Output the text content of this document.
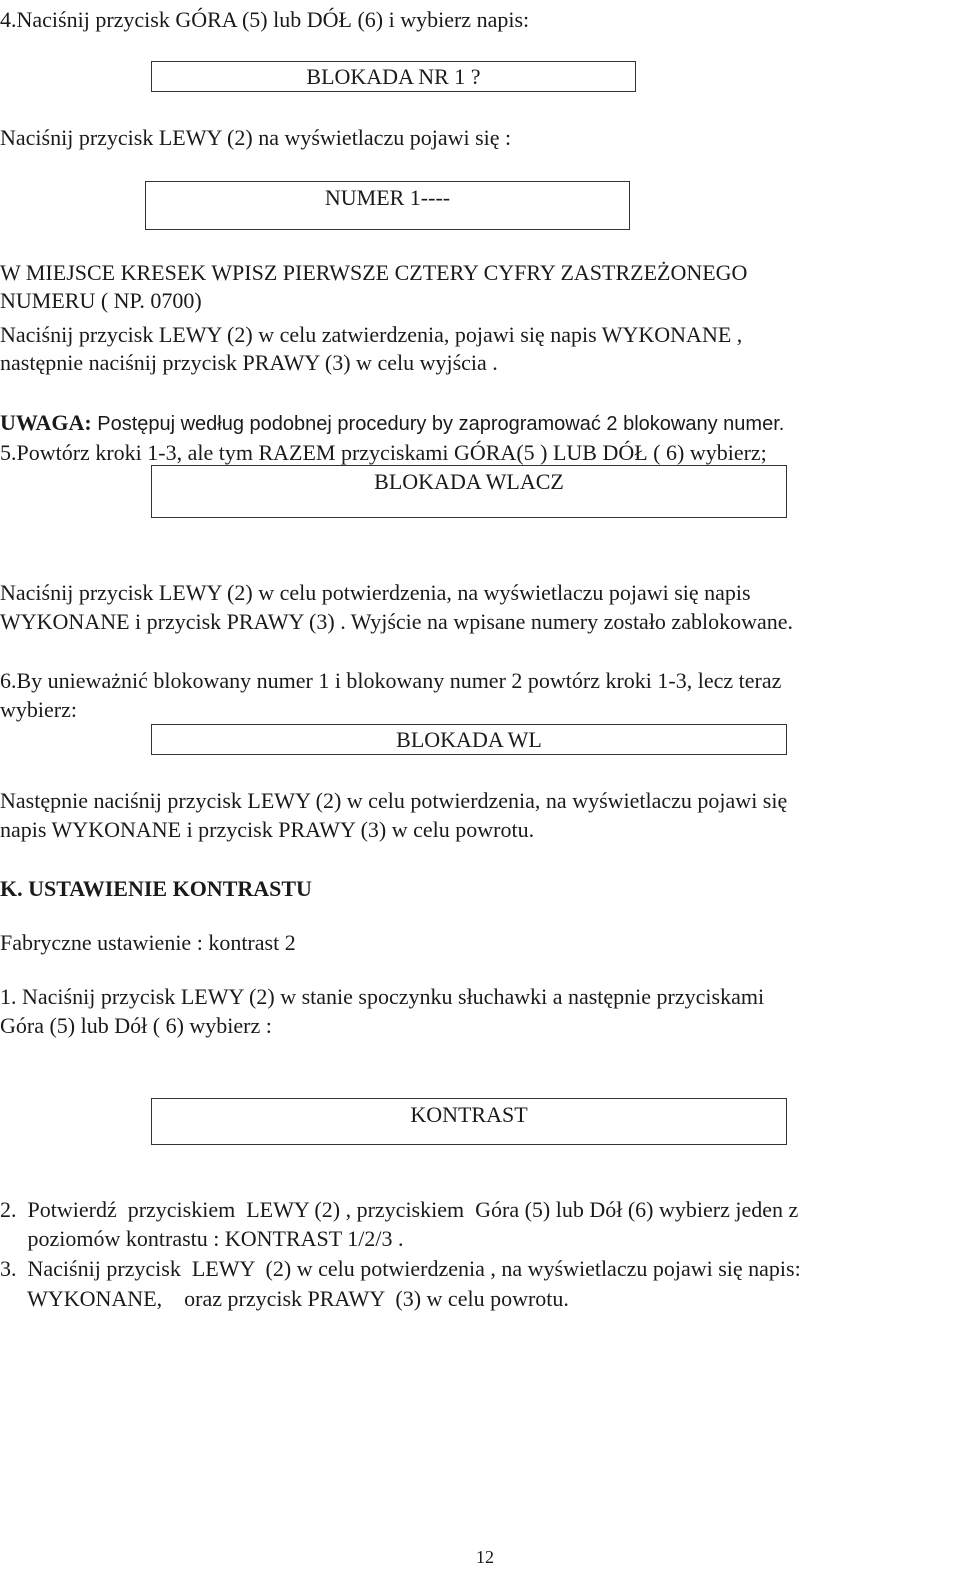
4.Naciśnij przycisk GÓRA (5) lub DÓŁ (6) i wybierz napis:
BLOKADA NR 1 ?
Naciśnij przycisk LEWY (2) na wyświetlaczu pojawi się :
NUMER 1----
W MIEJSCE KRESEK WPISZ PIERWSZE CZTERY CYFRY ZASTRZEŻONEGO
NUMERU ( NP. 0700)
Naciśnij przycisk LEWY (2) w celu zatwierdzenia, pojawi się napis WYKONANE ,
następnie naciśnij przycisk PRAWY (3) w celu wyjścia .
UWAGA: Postępuj według podobnej procedury by zaprogramować 2 blokowany numer.
5.Powtórz kroki 1-3, ale tym RAZEM przyciskami GÓRA(5 ) LUB DÓŁ ( 6) wybierz;
BLOKADA WLACZ
Naciśnij przycisk LEWY (2) w celu potwierdzenia, na wyświetlaczu pojawi się napis
WYKONANE i przycisk PRAWY (3) . Wyjście na wpisane numery zostało zablokowane.
6.By unieważnić blokowany numer 1 i blokowany numer 2 powtórz kroki 1-3, lecz teraz
wybierz:
BLOKADA WL
Następnie naciśnij przycisk LEWY (2) w celu potwierdzenia, na wyświetlaczu pojawi się
napis WYKONANE i przycisk PRAWY (3) w celu powrotu.
K. USTAWIENIE KONTRASTU
Fabryczne ustawienie : kontrast 2
1. Naciśnij przycisk LEWY (2) w stanie spoczynku słuchawki a następnie przyciskami
Góra (5) lub Dół ( 6) wybierz :
KONTRAST
2.  Potwierdź  przyciskiem  LEWY (2) , przyciskiem  Góra (5) lub Dół (6) wybierz jeden z
poziomów kontrastu : KONTRAST 1/2/3 .
3.  Naciśnij przycisk  LEWY  (2) w celu potwierdzenia , na wyświetlaczu pojawi się napis:
WYKONANE,    oraz przycisk PRAWY  (3) w celu powrotu.
12
